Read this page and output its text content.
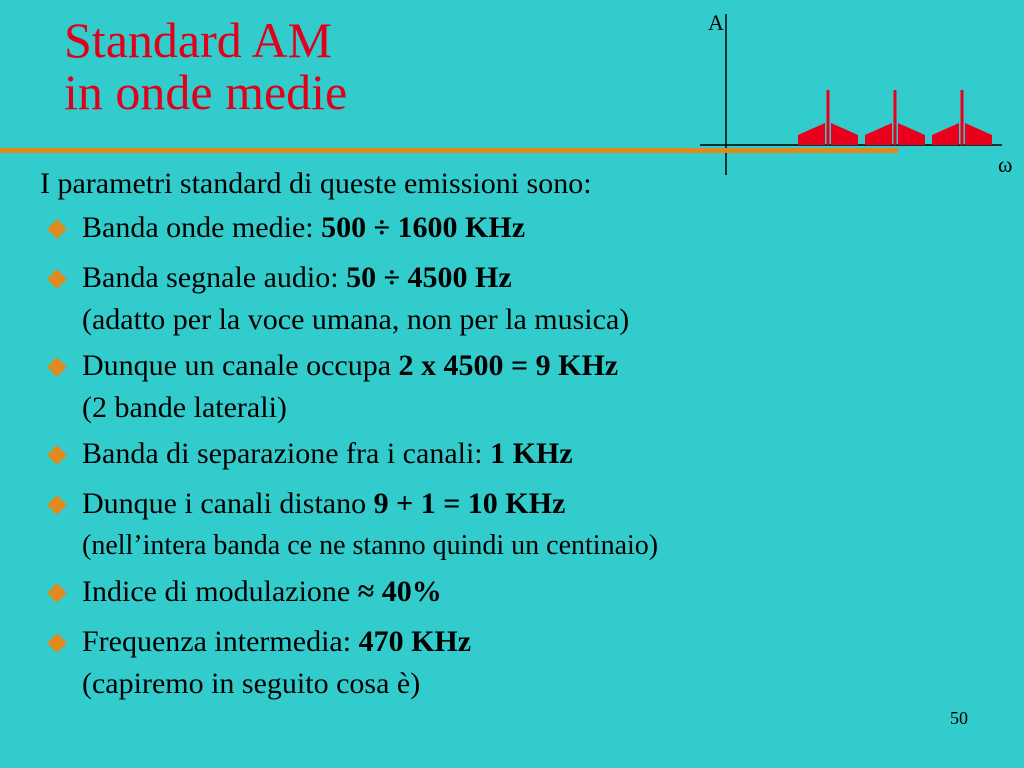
Standard AM
in onde medie
A
ω
I parametri standard di queste emissioni sono:
Banda onde medie: 500 ÷ 1600 KHz
Banda segnale audio: 50 ÷ 4500 Hz
(adatto per la voce umana, non per la musica)
Dunque un canale occupa 2 x 4500 = 9 KHz
(2 bande laterali)
Banda di separazione fra i canali: 1 KHz
Dunque i canali distano 9 + 1 = 10 KHz
(nell’intera banda ce ne stanno quindi un centinaio)
Indice di modulazione ≈ 40%
Frequenza intermedia: 470 KHz
(capiremo in seguito cosa è)
50
